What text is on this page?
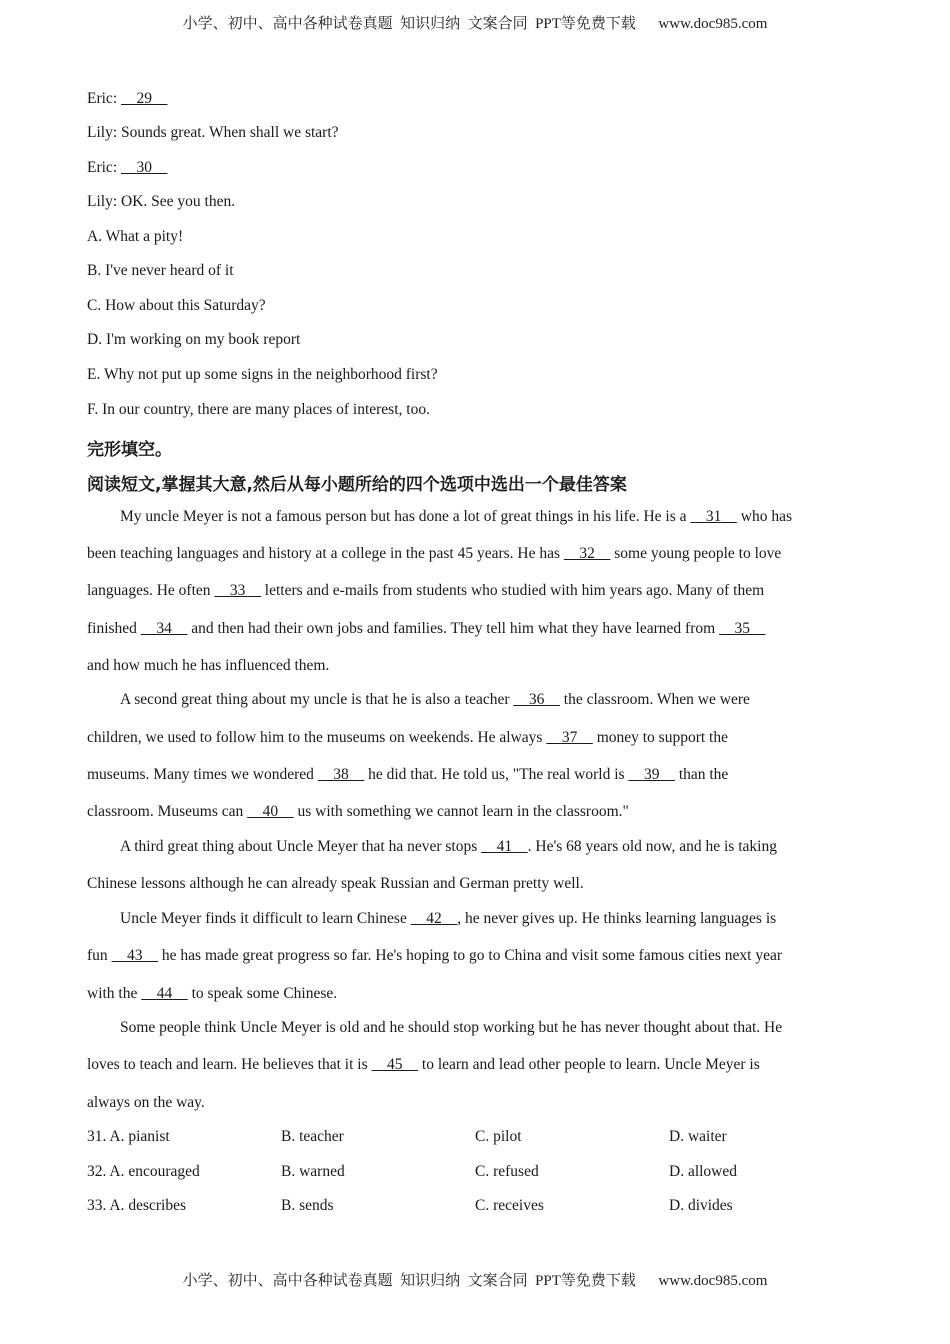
小学、初中、高中各种试卷真题  知识归纳  文案合同  PPT等免费下载      www.doc985.com
Eric:     29
Lily: Sounds great. When shall we start?
Eric:     30
Lily: OK. See you then.
A. What a pity!
B. I've never heard of it
C. How about this Saturday?
D. I'm working on my book report
E. Why not put up some signs in the neighborhood first?
F. In our country, there are many places of interest, too.
完形填空。
阅读短文,掌握其大意,然后从每小题所给的四个选项中选出一个最佳答案
My uncle Meyer is not a famous person but has done a lot of great things in his life. He is a     31     who has
been teaching languages and history at a college in the past 45 years. He has     32     some young people to love
languages. He often     33     letters and e-mails from students who studied with him years ago. Many of them
finished     34     and then had their own jobs and families. They tell him what they have learned from     35
and how much he has influenced them.
A second great thing about my uncle is that he is also a teacher     36     the classroom. When we were
children, we used to follow him to the museums on weekends. He always     37     money to support the
museums. Many times we wondered     38     he did that. He told us, "The real world is     39     than the
classroom. Museums can     40     us with something we cannot learn in the classroom."
A third great thing about Uncle Meyer that ha never stops     41 . He's 68 years old now, and he is taking
Chinese lessons although he can already speak Russian and German pretty well.
Uncle Meyer finds it difficult to learn Chinese     42 , he never gives up. He thinks learning languages is
fun     43     he has made great progress so far. He's hoping to go to China and visit some famous cities next year
with the     44     to speak some Chinese.
Some people think Uncle Meyer is old and he should stop working but he has never thought about that. He
loves to teach and learn. He believes that it is     45     to learn and lead other people to learn. Uncle Meyer is
always on the way.
31. A. pianist	B. teacher	C. pilot	D. waiter
32. A. encouraged	B. warned	C. refused	D. allowed
33. A. describes	B. sends	C. receives	D. divides
小学、初中、高中各种试卷真题  知识归纳  文案合同  PPT等免费下载      www.doc985.com
